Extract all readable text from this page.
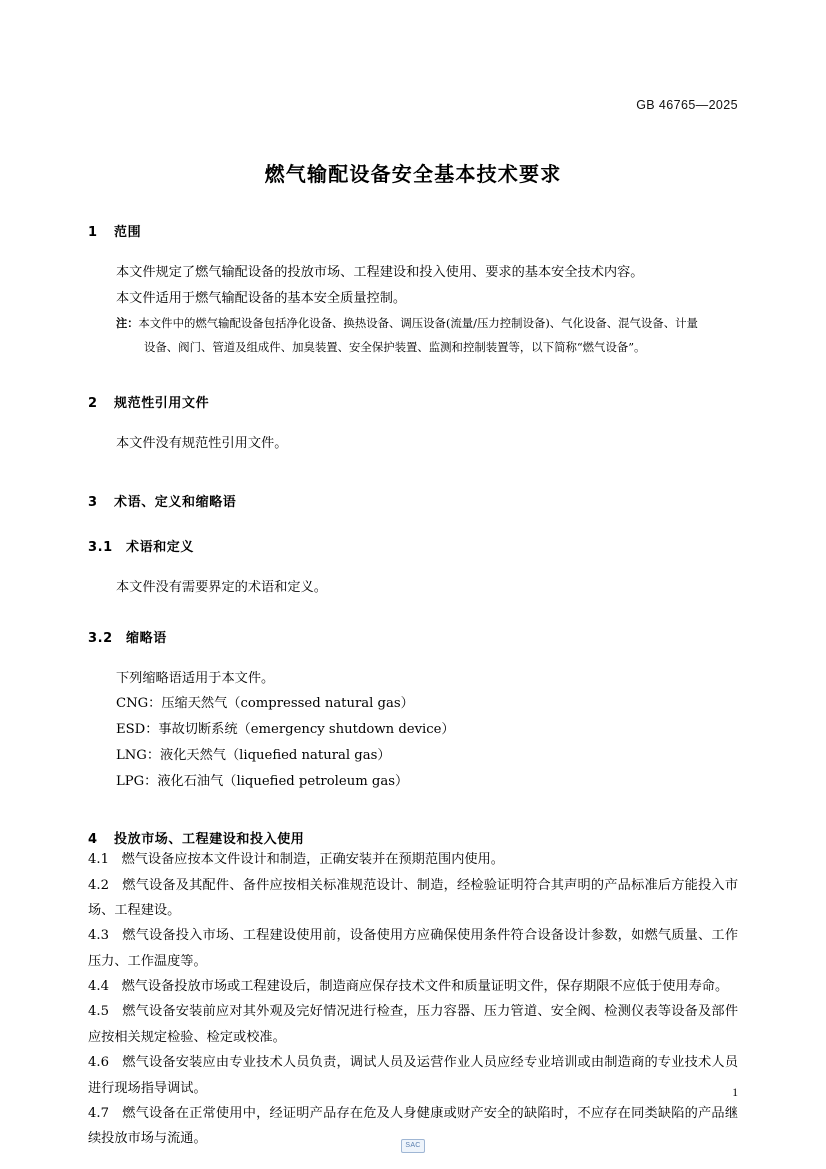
GB 46765—2025
燃气输配设备安全基本技术要求
1 范围

本文件规定了燃气输配设备的投放市场、工程建设和投入使用、要求的基本安全技术内容。

本文件适用于燃气输配设备的基本安全质量控制。

注：本文件中的燃气输配设备包括净化设备、换热设备、调压设备(流量/压力控制设备)、气化设备、混气设备、计量

设备、阀门、管道及组成件、加臭装置、安全保护装置、监测和控制装置等，以下简称“燃气设备”。

2 规范性引用文件

本文件没有规范性引用文件。

3 术语、定义和缩略语
3.1 术语和定义

本文件没有需要界定的术语和定义。

3.2 缩略语

下列缩略语适用于本文件。

CNG：压缩天然气（compressed natural gas）

ESD：事故切断系统（emergency shutdown device）

LNG：液化天然气（liquefied natural gas）

LPG：液化石油气（liquefied petroleum gas）

4 投放市场、工程建设和投入使用

4.1 燃气设备应按本文件设计和制造，正确安装并在预期范围内使用。

4.2 燃气设备及其配件、备件应按相关标准规范设计、制造，经检验证明符合其声明的产品标准后方能投入市场、工程建设。

4.3 燃气设备投入市场、工程建设使用前，设备使用方应确保使用条件符合设备设计参数，如燃气质量、工作压力、工作温度等。

4.4 燃气设备投放市场或工程建设后，制造商应保存技术文件和质量证明文件，保存期限不应低于使用寿命。

4.5 燃气设备安装前应对其外观及完好情况进行检查，压力容器、压力管道、安全阀、检测仪表等设备及部件应按相关规定检验、检定或校准。

4.6 燃气设备安装应由专业技术人员负责，调试人员及运营作业人员应经专业培训或由制造商的专业技术人员进行现场指导调试。

4.7 燃气设备在正常使用中，经证明产品存在危及人身健康或财产安全的缺陷时，不应存在同类缺陷的产品继续投放市场与流通。

1
SAC
